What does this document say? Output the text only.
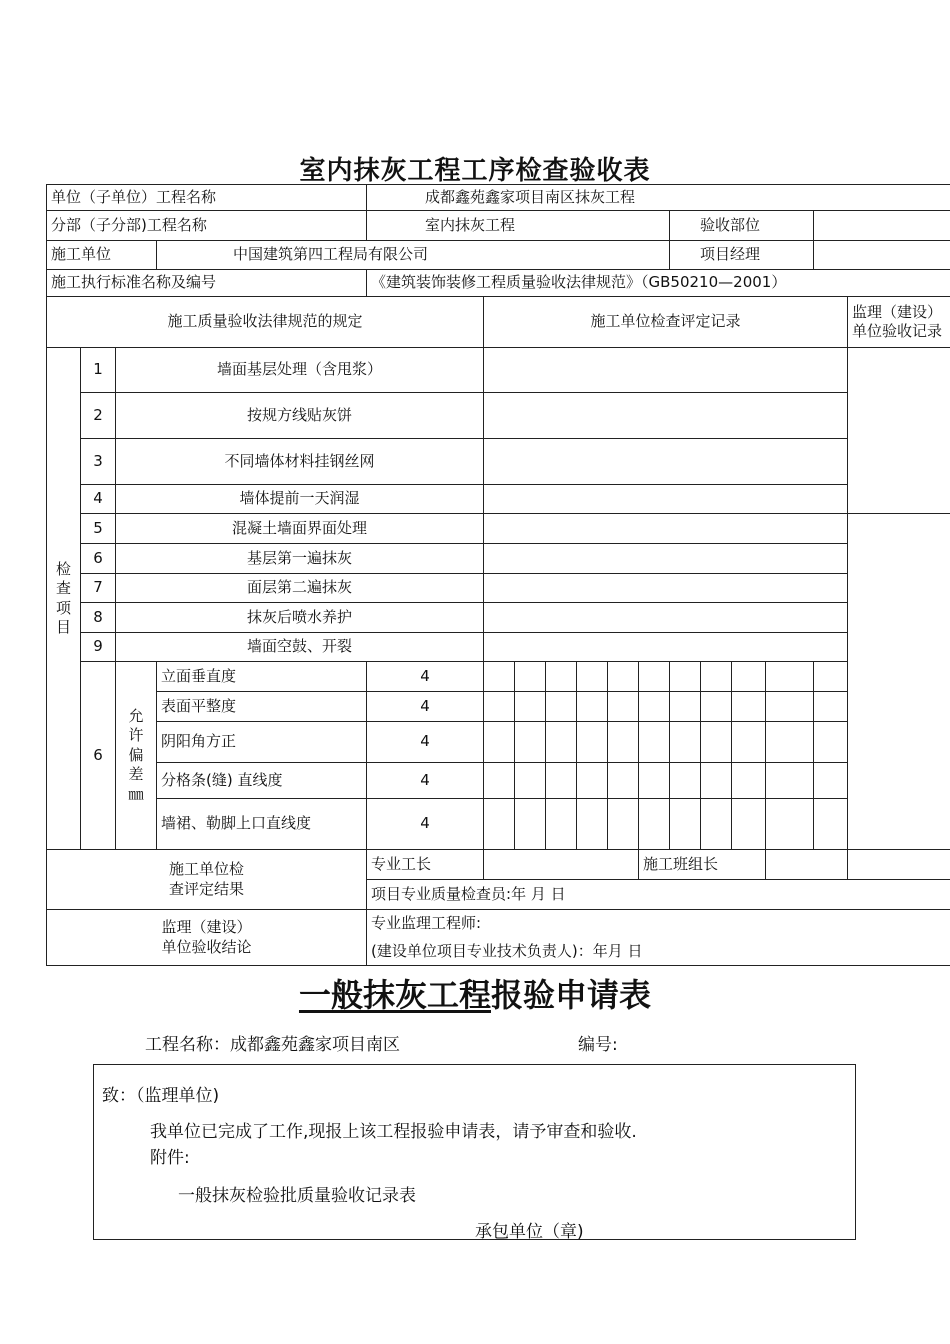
室内抹灰工程工序检查验收表
单位（子单位）工程名称				成都鑫苑鑫家项目南区抹灰工程												
分部（子分部)工程名称				室内抹灰工程							验收部位					
施工单位			中国建筑第四工程局有限公司								项目经理					
施工执行标准名称及编号				《建筑装饰装修工程质量验收法律规范》（GB50210—2001）												
施工质量验收法律规范的规定					施工单位检查评定记录											监理（建设）
单位验收记录
检
查
项
目	1	墙面基层处理（含甩浆）														
	2	按规方线贴灰饼														
	3	不同墙体材料挂钢丝网														
	4	墙体提前一天润湿														
	5	混凝土墙面界面处理														
	6	基层第一遍抹灰														
	7	面层第二遍抹灰														
	8	抹灰后喷水养护														
	9	墙面空鼓、开裂														
	6	允
许
偏
差
㎜	立面垂直度	4												
			表面平整度	4												
			阴阳角方正	4												
			分格条(缝) 直线度	4												
			墙裙、勒脚上口直线度	4												
施工单位检
查评定结果				专业工长						施工班组长						
				项目专业质量检查员:年 月 日												
监理（建设）
单位验收结论				专业监理工程师:												
				(建设单位项目专业技术负责人)：年月 日												
一般抹灰工程报验申请表
工程名称：成都鑫苑鑫家项目南区	编号:
致：（监理单位)
我单位已完成了工作,现报上该工程报验申请表，请予审查和验收.
附件:
一般抹灰检验批质量验收记录表
承包单位（章)
